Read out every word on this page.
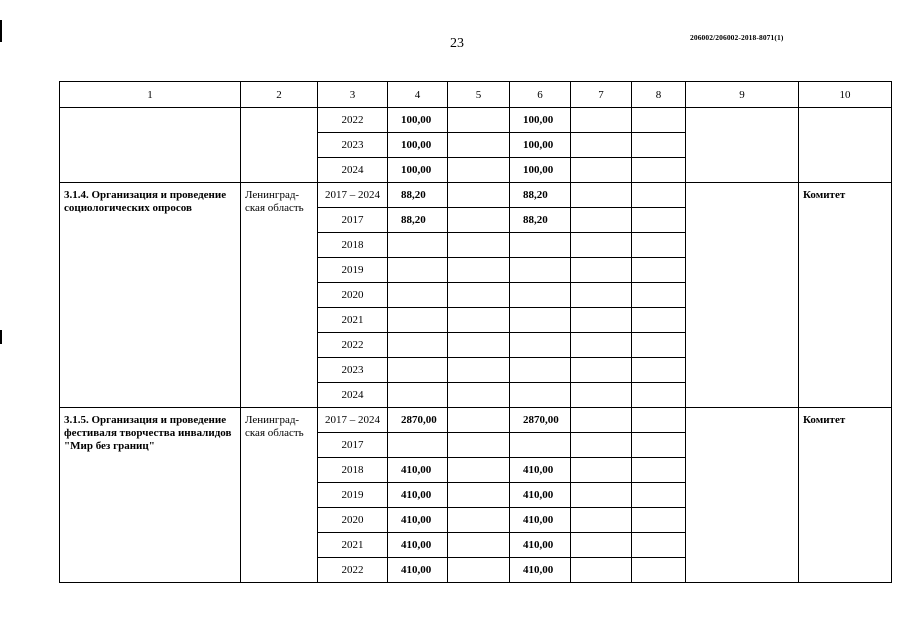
23	206002/206002-2018-8071(1)
1	2	3	4	5	6	7	8	9	10
		2022	100,00		100,00				
		2023	100,00		100,00				
		2024	100,00		100,00				
3.1.4. Организация и проведение социологических опросов	Ленинград-ская область	2017 – 2024	88,20		88,20				Комитет
		2017	88,20		88,20				
		2018							
		2019							
		2020							
		2021							
		2022							
		2023							
		2024							
3.1.5. Организация и проведение фестиваля творчества инвалидов "Мир без границ"	Ленинград-ская область	2017 – 2024	2870,00		2870,00				Комитет
		2017							
		2018	410,00		410,00				
		2019	410,00		410,00				
		2020	410,00		410,00				
		2021	410,00		410,00				
		2022	410,00		410,00				
